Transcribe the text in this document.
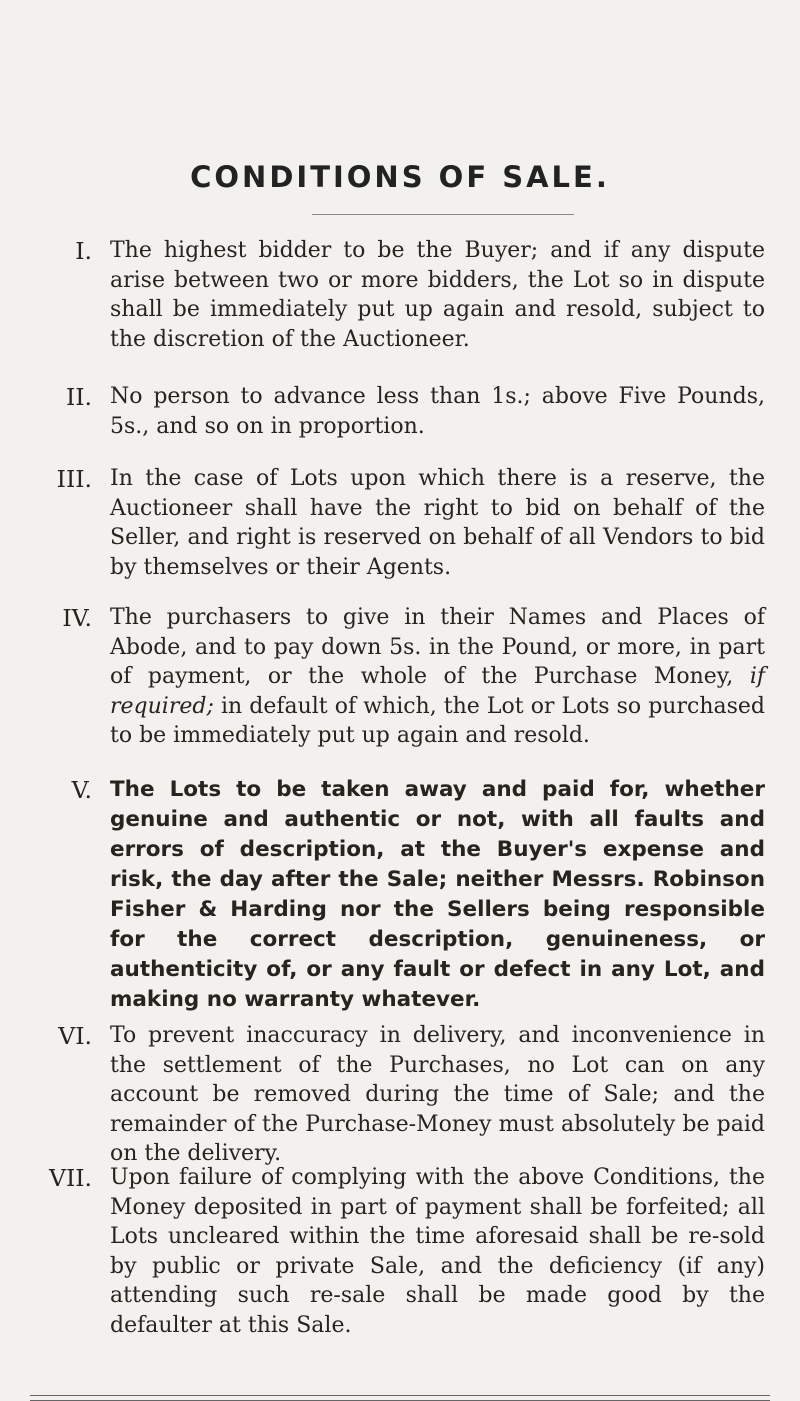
CONDITIONS OF SALE.
I. The highest bidder to be the Buyer; and if any dispute arise between two or more bidders, the Lot so in dispute shall be immediately put up again and resold, subject to the discretion of the Auctioneer.
II. No person to advance less than 1s.; above Five Pounds, 5s., and so on in proportion.
III. In the case of Lots upon which there is a reserve, the Auctioneer shall have the right to bid on behalf of the Seller, and right is reserved on behalf of all Vendors to bid by themselves or their Agents.
IV. The purchasers to give in their Names and Places of Abode, and to pay down 5s. in the Pound, or more, in part of payment, or the whole of the Purchase Money, if required; in default of which, the Lot or Lots so purchased to be immediately put up again and resold.
V. The Lots to be taken away and paid for, whether genuine and authentic or not, with all faults and errors of description, at the Buyer's expense and risk, the day after the Sale; neither Messrs. Robinson Fisher & Harding nor the Sellers being responsible for the correct description, genuineness, or authenticity of, or any fault or defect in any Lot, and making no warranty whatever.
VI. To prevent inaccuracy in delivery, and inconvenience in the settlement of the Purchases, no Lot can on any account be removed during the time of Sale; and the remainder of the Purchase-Money must absolutely be paid on the delivery.
VII. Upon failure of complying with the above Conditions, the Money deposited in part of payment shall be forfeited; all Lots uncleared within the time aforesaid shall be re-sold by public or private Sale, and the deficiency (if any) attending such re-sale shall be made good by the defaulter at this Sale.
